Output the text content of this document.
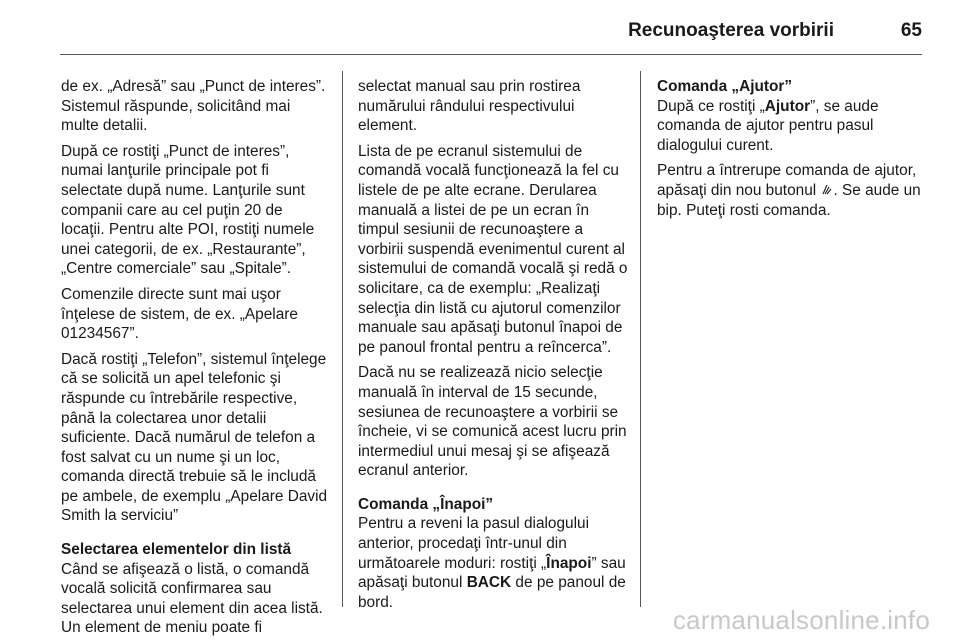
Recunoaşterea vorbirii	65

de ex. „Adresă” sau „Punct de interes”. Sistemul răspunde, solicitând mai multe detalii.

După ce rostiţi „Punct de interes”, numai lanţurile principale pot fi selectate după nume. Lanţurile sunt companii care au cel puţin 20 de locaţii. Pentru alte POI, rostiţi numele unei categorii, de ex. „Restaurante”, „Centre comerciale” sau „Spitale”.

Comenzile directe sunt mai uşor înţelese de sistem, de ex. „Apelare 01234567”.

Dacă rostiţi „Telefon”, sistemul înţelege că se solicită un apel telefonic şi răspunde cu întrebările respective, până la colectarea unor detalii suficiente. Dacă numărul de telefon a fost salvat cu un nume şi un loc, comanda directă trebuie să le includă pe ambele, de exemplu „Apelare David Smith la serviciu”

Selectarea elementelor din listă

Când se afişează o listă, o comandă vocală solicită confirmarea sau selectarea unui element din acea listă. Un element de meniu poate fi

selectat manual sau prin rostirea numărului rândului respectivului element.

Lista de pe ecranul sistemului de comandă vocală funcţionează la fel cu listele de pe alte ecrane. Derularea manuală a listei de pe un ecran în timpul sesiunii de recunoaştere a vorbirii suspendă evenimentul curent al sistemului de comandă vocală şi redă o solicitare, ca de exemplu: „Realizaţi selecţia din listă cu ajutorul comenzilor manuale sau apăsaţi butonul înapoi de pe panoul frontal pentru a reîncerca”.

Dacă nu se realizează nicio selecţie manuală în interval de 15 secunde, sesiunea de recunoaştere a vorbirii se încheie, vi se comunică acest lucru prin intermediul unui mesaj şi se afişează ecranul anterior.

Comanda „Înapoi”

Pentru a reveni la pasul dialogului anterior, procedaţi într-unul din următoarele moduri: rostiţi „Înapoi” sau apăsaţi butonul BACK de pe panoul de bord.

Comanda „Ajutor”

După ce rostiţi „Ajutor”, se aude comanda de ajutor pentru pasul dialogului curent.

Pentru a întrerupe comanda de ajutor, apăsaţi din nou butonul . Se aude un bip. Puteţi rosti comanda.

carmanualsonline.info
